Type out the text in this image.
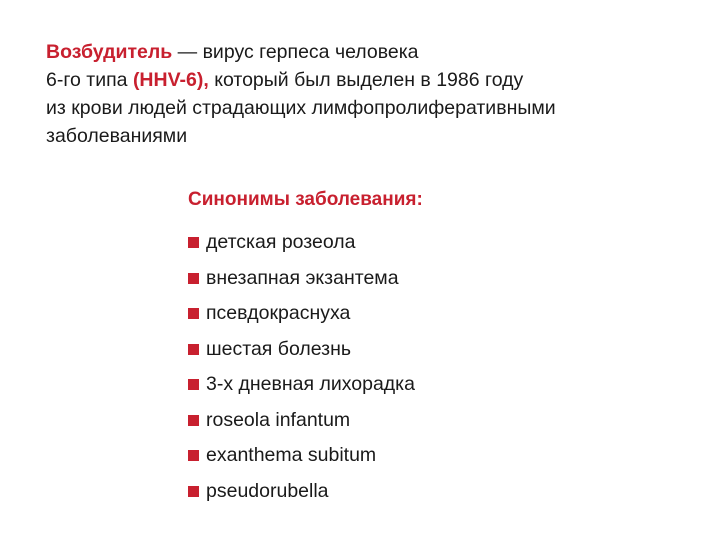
Возбудитель — вирус герпеса человека
6-го типа (HHV-6), который был выделен в 1986 году
из крови людей страдающих лимфопролиферативными
заболеваниями
Синонимы заболевания:
детская розеола
внезапная экзантема
псевдокраснуха
шестая болезнь
3-х дневная лихорадка
roseola infantum
exanthema subitum
pseudorubella
